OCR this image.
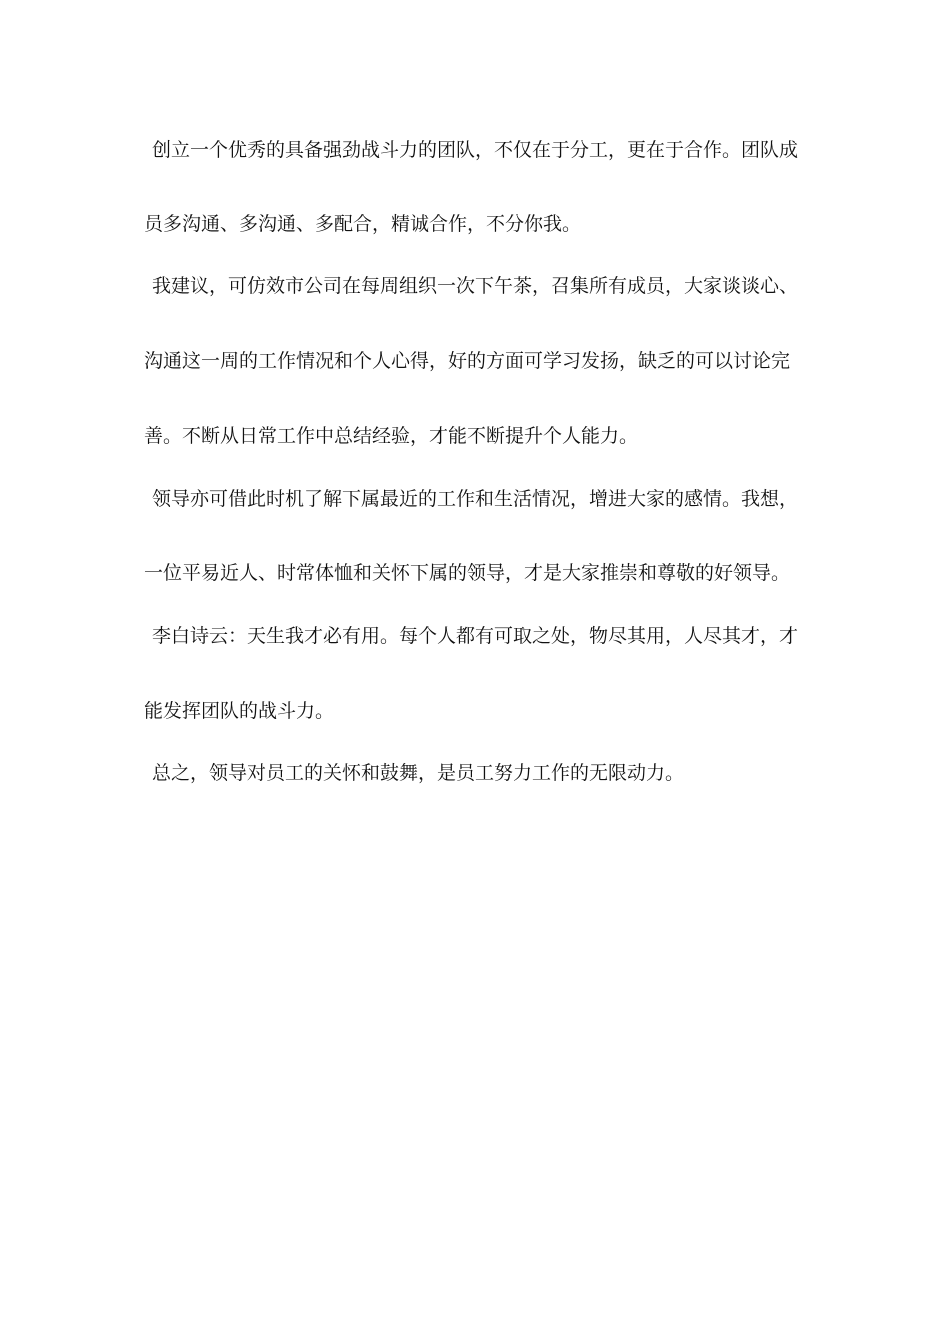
创立一个优秀的具备强劲战斗力的团队，不仅在于分工，更在于合作。团队成
员多沟通、多沟通、多配合，精诚合作，不分你我。
我建议，可仿效市公司在每周组织一次下午茶，召集所有成员，大家谈谈心、
沟通这一周的工作情况和个人心得，好的方面可学习发扬，缺乏的可以讨论完
善。不断从日常工作中总结经验，才能不断提升个人能力。
领导亦可借此时机了解下属最近的工作和生活情况，增进大家的感情。我想，
一位平易近人、时常体恤和关怀下属的领导，才是大家推崇和尊敬的好领导。
李白诗云：天生我才必有用。每个人都有可取之处，物尽其用，人尽其才，才
能发挥团队的战斗力。
总之，领导对员工的关怀和鼓舞，是员工努力工作的无限动力。
